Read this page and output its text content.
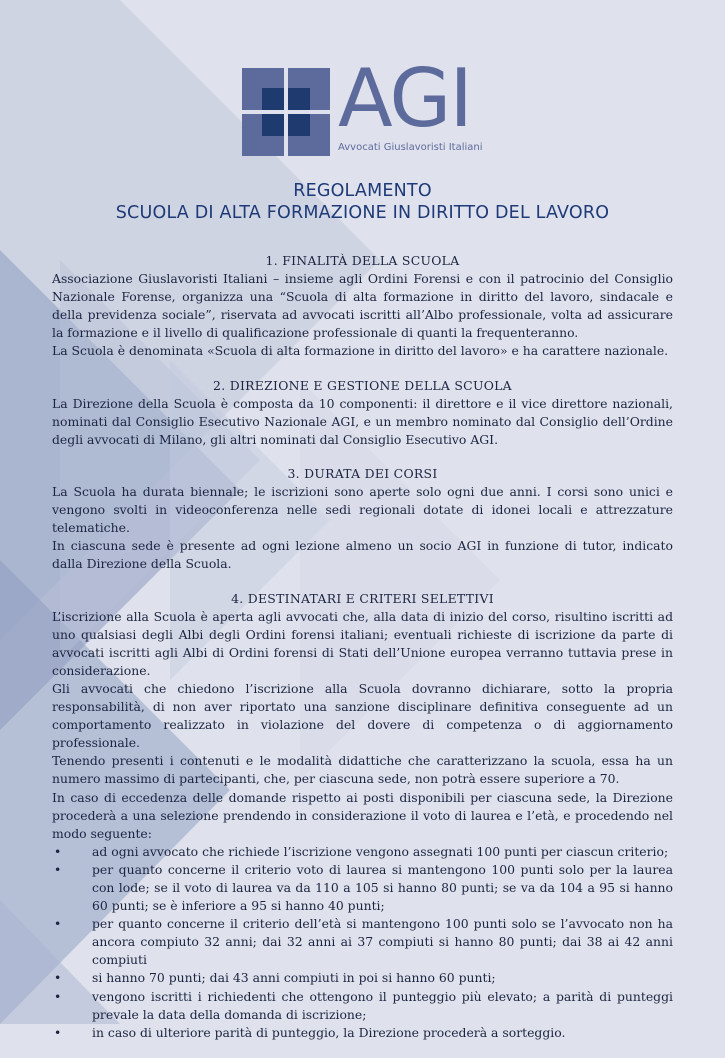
AGI
Avvocati Giuslavoristi Italiani
REGOLAMENTO
SCUOLA DI ALTA FORMAZIONE IN DIRITTO DEL LAVORO
1. FINALITÀ DELLA SCUOLA

Associazione Giuslavoristi Italiani – insieme agli Ordini Forensi e con il patrocinio del Consiglio Nazionale Forense, organizza una “Scuola di alta formazione in diritto del lavoro, sindacale e della previdenza sociale”, riservata ad avvocati iscritti all’Albo professionale, volta ad assicurare la formazione e il livello di qualificazione professionale di quanti la frequenteranno.

La Scuola è denominata «Scuola di alta formazione in diritto del lavoro» e ha carattere nazionale.

2. DIREZIONE E GESTIONE DELLA SCUOLA

La Direzione della Scuola è composta da 10 componenti: il direttore e il vice direttore nazionali, nominati dal Consiglio Esecutivo Nazionale AGI, e un membro nominato dal Consiglio dell’Ordine degli avvocati di Milano, gli altri nominati dal Consiglio Esecutivo AGI.

3. DURATA DEI CORSI

La Scuola ha durata biennale; le iscrizioni sono aperte solo ogni due anni. I corsi sono unici e vengono svolti in videoconferenza nelle sedi regionali dotate di idonei locali e attrezzature telematiche.

In ciascuna sede è presente ad ogni lezione almeno un socio AGI in funzione di tutor, indicato dalla Direzione della Scuola.

4. DESTINATARI E CRITERI SELETTIVI

L’iscrizione alla Scuola è aperta agli avvocati che, alla data di inizio del corso, risultino iscritti ad uno qualsiasi degli Albi degli Ordini forensi italiani; eventuali richieste di iscrizione da parte di avvocati iscritti agli Albi di Ordini forensi di Stati dell’Unione europea verranno tuttavia prese in considerazione.

Gli avvocati che chiedono l’iscrizione alla Scuola dovranno dichiarare, sotto la propria responsabilità, di non aver riportato una sanzione disciplinare definitiva conseguente ad un comportamento realizzato in violazione del dovere di competenza o di aggiornamento professionale.

Tenendo presenti i contenuti e le modalità didattiche che caratterizzano la scuola, essa ha un numero massimo di partecipanti, che, per ciascuna sede, non potrà essere superiore a 70.

In caso di eccedenza delle domande rispetto ai posti disponibili per ciascuna sede, la Direzione procederà a una selezione prendendo in considerazione il voto di laurea e l’età, e procedendo nel modo seguente:

• ad ogni avvocato che richiede l’iscrizione vengono assegnati 100 punti per ciascun criterio;
• per quanto concerne il criterio voto di laurea si mantengono 100 punti solo per la laurea con lode; se il voto di laurea va da 110 a 105 si hanno 80 punti; se va da 104 a 95 si hanno 60 punti; se è inferiore a 95 si hanno 40 punti;
• per quanto concerne il criterio dell’età si mantengono 100 punti solo se l’avvocato non ha ancora compiuto 32 anni; dai 32 anni ai 37 compiuti si hanno 80 punti; dai 38 ai 42 anni compiuti
• si hanno 70 punti; dai 43 anni compiuti in poi si hanno 60 punti;
• vengono iscritti i richiedenti che ottengono il punteggio più elevato; a parità di punteggi prevale la data della domanda di iscrizione;
• in caso di ulteriore parità di punteggio, la Direzione procederà a sorteggio.
